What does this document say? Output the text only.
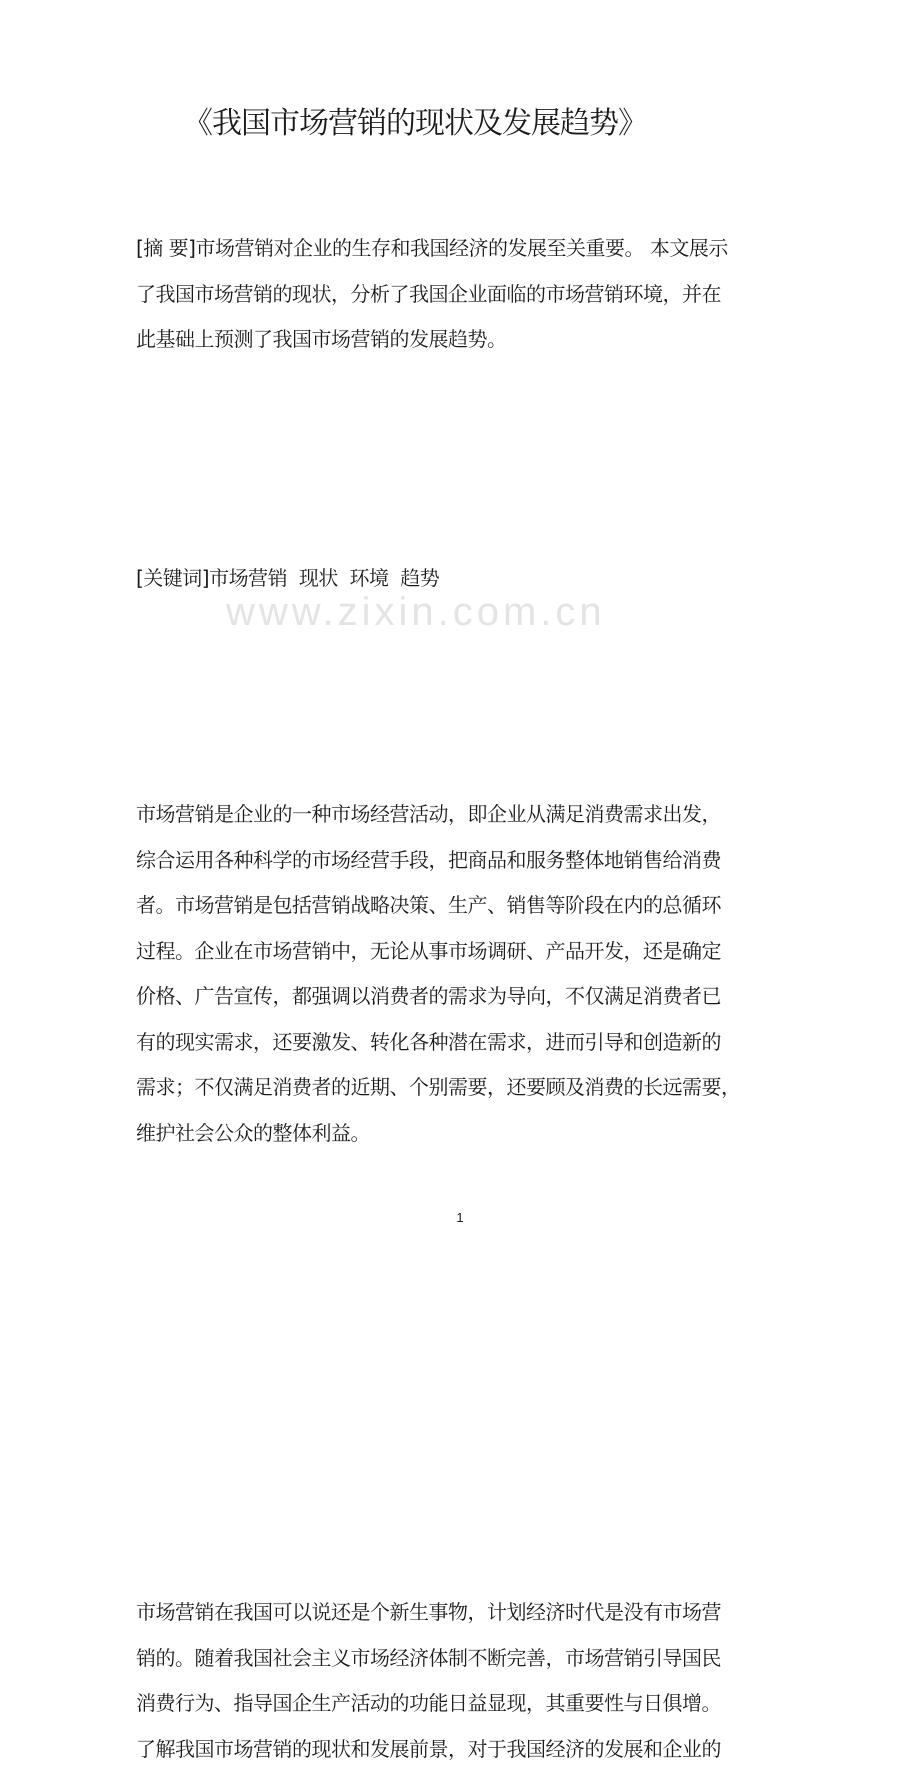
www.zixin.com.cn
《我国市场营销的现状及发展趋势》
[摘 要]市场营销对企业的生存和我国经济的发展至关重要。 本文展示
了我国市场营销的现状，分析了我国企业面临的市场营销环境，并在
此基础上预测了我国市场营销的发展趋势。
[关键词]市场营销  现状  环境  趋势
市场营销是企业的一种市场经营活动，即企业从满足消费需求出发，
综合运用各种科学的市场经营手段，把商品和服务整体地销售给消费
者。市场营销是包括营销战略决策、生产、销售等阶段在内的总循环
过程。企业在市场营销中，无论从事市场调研、产品开发，还是确定
价格、广告宣传，都强调以消费者的需求为导向，不仅满足消费者已
有的现实需求，还要激发、转化各种潜在需求，进而引导和创造新的
需求；不仅满足消费者的近期、个别需要，还要顾及消费的长远需要，
维护社会公众的整体利益。
市场营销在我国可以说还是个新生事物，计划经济时代是没有市场营
销的。随着我国社会主义市场经济体制不断完善，市场营销引导国民
消费行为、指导国企生产活动的功能日益显现，其重要性与日俱增。
了解我国市场营销的现状和发展前景，对于我国经济的发展和企业的
1
